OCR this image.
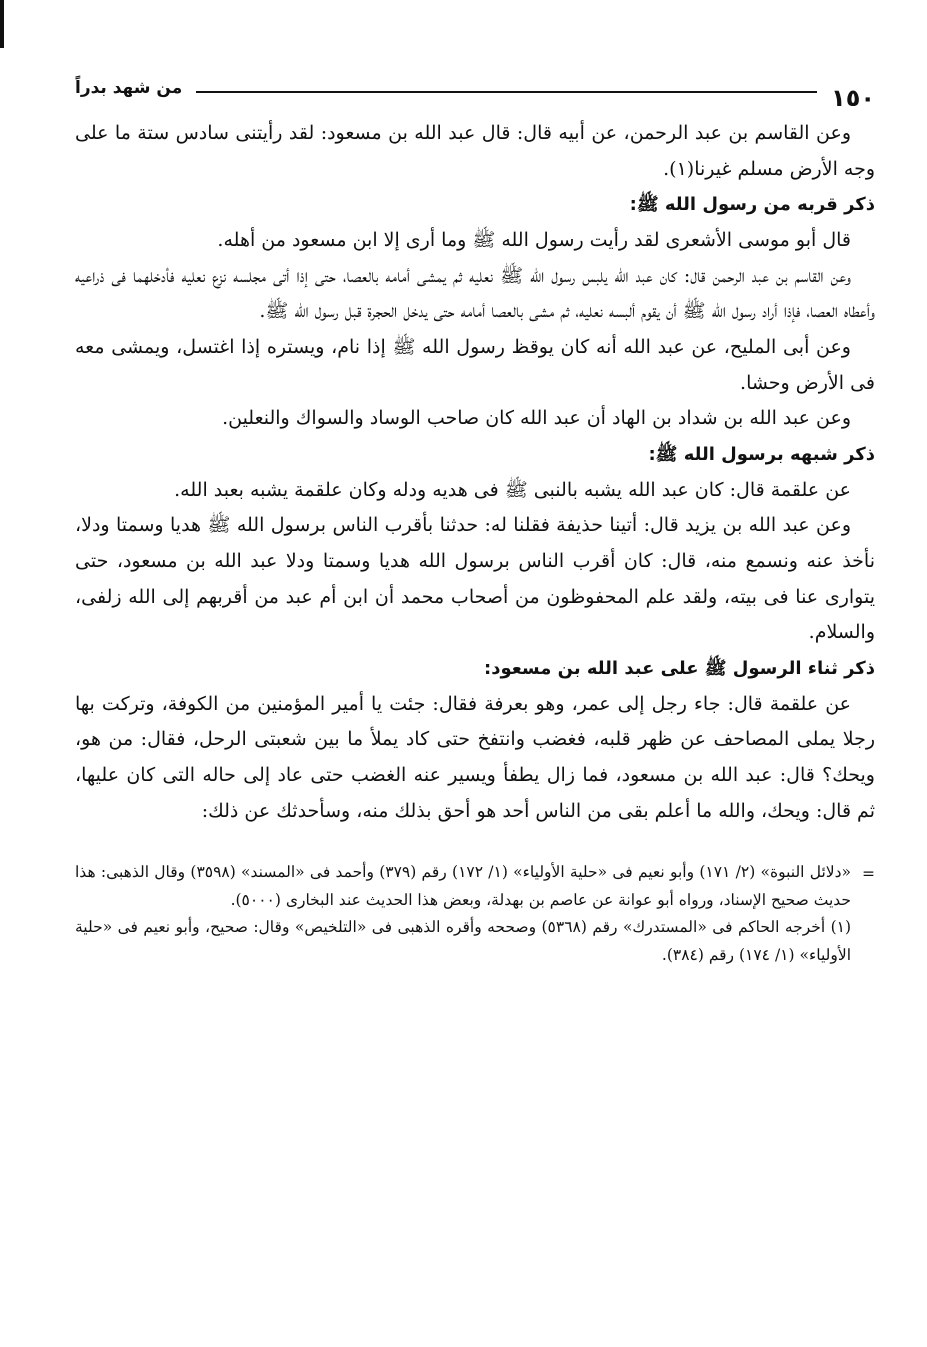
١٥٠
من شهد بدراً

وعن القاسم بن عبد الرحمن، عن أبيه قال: قال عبد الله بن مسعود: لقد رأيتنى سادس ستة ما على وجه الأرض مسلم غيرنا(١).

ذكر قربه من رسول الله ﷺ:

قال أبو موسى الأشعرى لقد رأيت رسول الله ﷺ وما أرى إلا ابن مسعود من أهله.

وعن القاسم بن عبد الرحمن قال: كان عبد الله يلبس رسول الله ﷺ نعليه ثم يمشى أمامه بالعصا، حتى إذا أتى مجلسه نزع نعليه فأدخلهما فى ذراعيه وأعطاه العصا، فإذا أراد رسول الله ﷺ أن يقوم ألبسه نعليه، ثم مشى بالعصا أمامه حتى يدخل الحجرة قبل رسول الله ﷺ.

وعن أبى المليح، عن عبد الله أنه كان يوقظ رسول الله ﷺ إذا نام، ويستره إذا اغتسل، ويمشى معه فى الأرض وحشا.

وعن عبد الله بن شداد بن الهاد أن عبد الله كان صاحب الوساد والسواك والنعلين.

ذكر شبهه برسول الله ﷺ:

عن علقمة قال: كان عبد الله يشبه بالنبى ﷺ فى هديه ودله وكان علقمة يشبه بعبد الله.

وعن عبد الله بن يزيد قال: أتينا حذيفة فقلنا له: حدثنا بأقرب الناس برسول الله ﷺ هديا وسمتا ودلا، نأخذ عنه ونسمع منه، قال: كان أقرب الناس برسول الله هديا وسمتا ودلا عبد الله بن مسعود، حتى يتوارى عنا فى بيته، ولقد علم المحفوظون من أصحاب محمد أن ابن أم عبد من أقربهم إلى الله زلفى، والسلام.

ذكر ثناء الرسول ﷺ على عبد الله بن مسعود:

عن علقمة قال: جاء رجل إلى عمر، وهو بعرفة فقال: جئت يا أمير المؤمنين من الكوفة، وتركت بها رجلا يملى المصاحف عن ظهر قلبه، فغضب وانتفخ حتى كاد يملأ ما بين شعبتى الرحل، فقال: من هو، ويحك؟ قال: عبد الله بن مسعود، فما زال يطفأ ويسير عنه الغضب حتى عاد إلى حاله التى كان عليها، ثم قال: ويحك، والله ما أعلم بقى من الناس أحد هو أحق بذلك منه، وسأحدثك عن ذلك:

=

«دلائل النبوة» (٢/ ١٧١) وأبو نعيم فى «حلية الأولياء» (١/ ١٧٢) رقم (٣٧٩) وأحمد فى «المسند» (٣٥٩٨) وقال الذهبى: هذا حديث صحيح الإسناد، ورواه أبو عوانة عن عاصم بن بهدلة، وبعض هذا الحديث عند البخارى (٥٠٠٠).

(١) أخرجه الحاكم فى «المستدرك» رقم (٥٣٦٨) وصححه وأقره الذهبى فى «التلخيص» وقال: صحيح، وأبو نعيم فى «حلية الأولياء» (١/ ١٧٤) رقم (٣٨٤).
